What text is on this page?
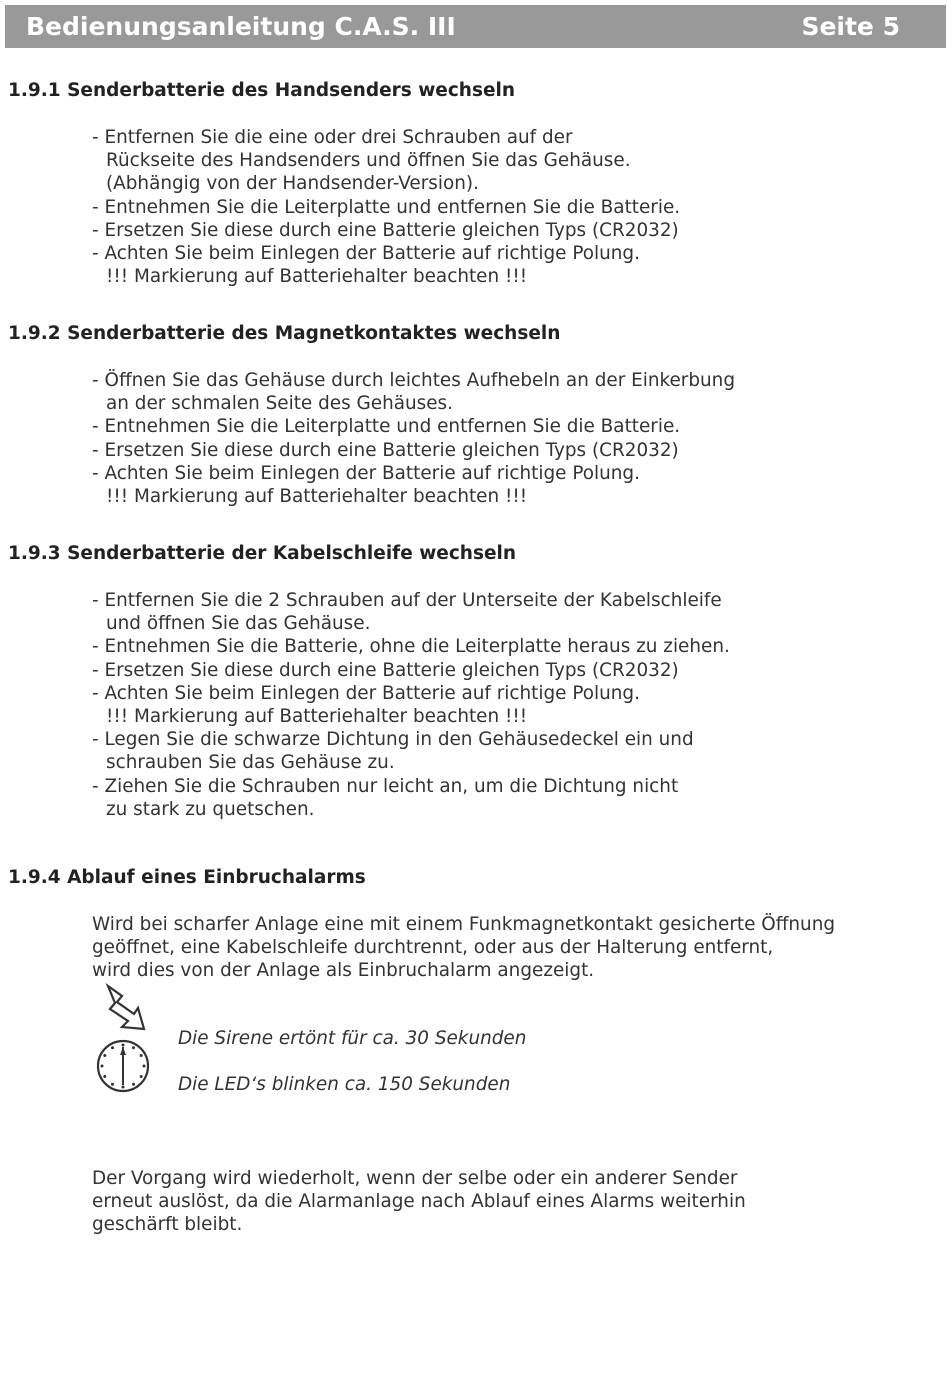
Bedienungsanleitung C.A.S. III	Seite 5
1.9.1 Senderbatterie des Handsenders wechseln
- Entfernen Sie die eine oder drei Schrauben auf der
Rückseite des Handsenders und öffnen Sie das Gehäuse.
(Abhängig von der Handsender-Version).
- Entnehmen Sie die Leiterplatte und entfernen Sie die Batterie.
- Ersetzen Sie diese durch eine Batterie gleichen Typs (CR2032)
- Achten Sie beim Einlegen der Batterie auf richtige Polung.
!!! Markierung auf Batteriehalter beachten !!!
1.9.2 Senderbatterie des Magnetkontaktes wechseln
- Öffnen Sie das Gehäuse durch leichtes Aufhebeln an der Einkerbung
an der schmalen Seite des Gehäuses.
- Entnehmen Sie die Leiterplatte und entfernen Sie die Batterie.
- Ersetzen Sie diese durch eine Batterie gleichen Typs (CR2032)
- Achten Sie beim Einlegen der Batterie auf richtige Polung.
!!! Markierung auf Batteriehalter beachten !!!
1.9.3 Senderbatterie der Kabelschleife wechseln
- Entfernen Sie die 2 Schrauben auf der Unterseite der Kabelschleife
und öffnen Sie das Gehäuse.
- Entnehmen Sie die Batterie, ohne die Leiterplatte heraus zu ziehen.
- Ersetzen Sie diese durch eine Batterie gleichen Typs (CR2032)
- Achten Sie beim Einlegen der Batterie auf richtige Polung.
!!! Markierung auf Batteriehalter beachten !!!
- Legen Sie die schwarze Dichtung in den Gehäusedeckel ein und
schrauben Sie das Gehäuse zu.
- Ziehen Sie die Schrauben nur leicht an, um die Dichtung nicht
zu stark zu quetschen.
1.9.4 Ablauf eines Einbruchalarms

Wird bei scharfer Anlage eine mit einem Funkmagnetkontakt gesicherte Öffnung
geöffnet, eine Kabelschleife durchtrennt, oder aus der Halterung entfernt,
wird dies von der Anlage als Einbruchalarm angezeigt.

Die Sirene ertönt für ca. 30 Sekunden

Die LED‘s blinken ca. 150 Sekunden

Der Vorgang wird wiederholt, wenn der selbe oder ein anderer Sender
erneut auslöst, da die Alarmanlage nach Ablauf eines Alarms weiterhin
geschärft bleibt.
